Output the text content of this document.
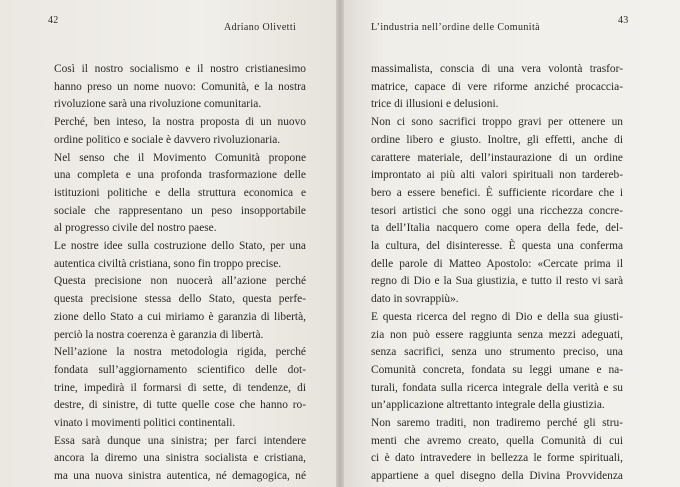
42
Adriano Olivetti
Così il nostro socialismo e il nostro cristianesimo
hanno preso un nome nuovo: Comunità, e la nostra
rivoluzione sarà una rivoluzione comunitaria.
Perché, ben inteso, la nostra proposta di un nuovo
ordine politico e sociale è davvero rivoluzionaria.
Nel senso che il Movimento Comunità propone
una completa e una profonda trasformazione delle
istituzioni politiche e della struttura economica e
sociale che rappresentano un peso insopportabile
al progresso civile del nostro paese.
Le nostre idee sulla costruzione dello Stato, per una
autentica civiltà cristiana, sono fin troppo precise.
Questa precisione non nuocerà all’azione perché
questa precisione stessa dello Stato, questa perfe-
zione dello Stato a cui miriamo è garanzia di libertà,
perciò la nostra coerenza è garanzia di libertà.
Nell’azione la nostra metodologia rigida, perché
fondata sull’aggiornamento scientifico delle dot-
trine, impedirà il formarsi di sette, di tendenze, di
destre, di sinistre, di tutte quelle cose che hanno ro-
vinato i movimenti politici continentali.
Essa sarà dunque una sinistra; per farci intendere
ancora la diremo una sinistra socialista e cristiana,
ma una nuova sinistra autentica, né demagogica, né
43
L’industria nell’ordine delle Comunità
massimalista, conscia di una vera volontà trasfor-
matrice, capace di vere riforme anziché procaccia-
trice di illusioni e delusioni.
Non ci sono sacrifici troppo gravi per ottenere un
ordine libero e giusto. Inoltre, gli effetti, anche di
carattere materiale, dell’instaurazione di un ordine
improntato ai più alti valori spirituali non tardereb-
bero a essere benefici. È sufficiente ricordare che i
tesori artistici che sono oggi una ricchezza concre-
ta dell’Italia nacquero come opera della fede, del-
la cultura, del disinteresse. È questa una conferma
delle parole di Matteo Apostolo: «Cercate prima il
regno di Dio e la Sua giustizia, e tutto il resto vi sarà
dato in sovrappiù».
E questa ricerca del regno di Dio e della sua giusti-
zia non può essere raggiunta senza mezzi adeguati,
senza sacrifici, senza uno strumento preciso, una
Comunità concreta, fondata su leggi umane e na-
turali, fondata sulla ricerca integrale della verità e su
un’applicazione altrettanto integrale della giustizia.
Non saremo traditi, non tradiremo perché gli stru-
menti che avremo creato, quella Comunità di cui
ci è dato intravedere in bellezza le forme spirituali,
appartiene a quel disegno della Divina Provvidenza
